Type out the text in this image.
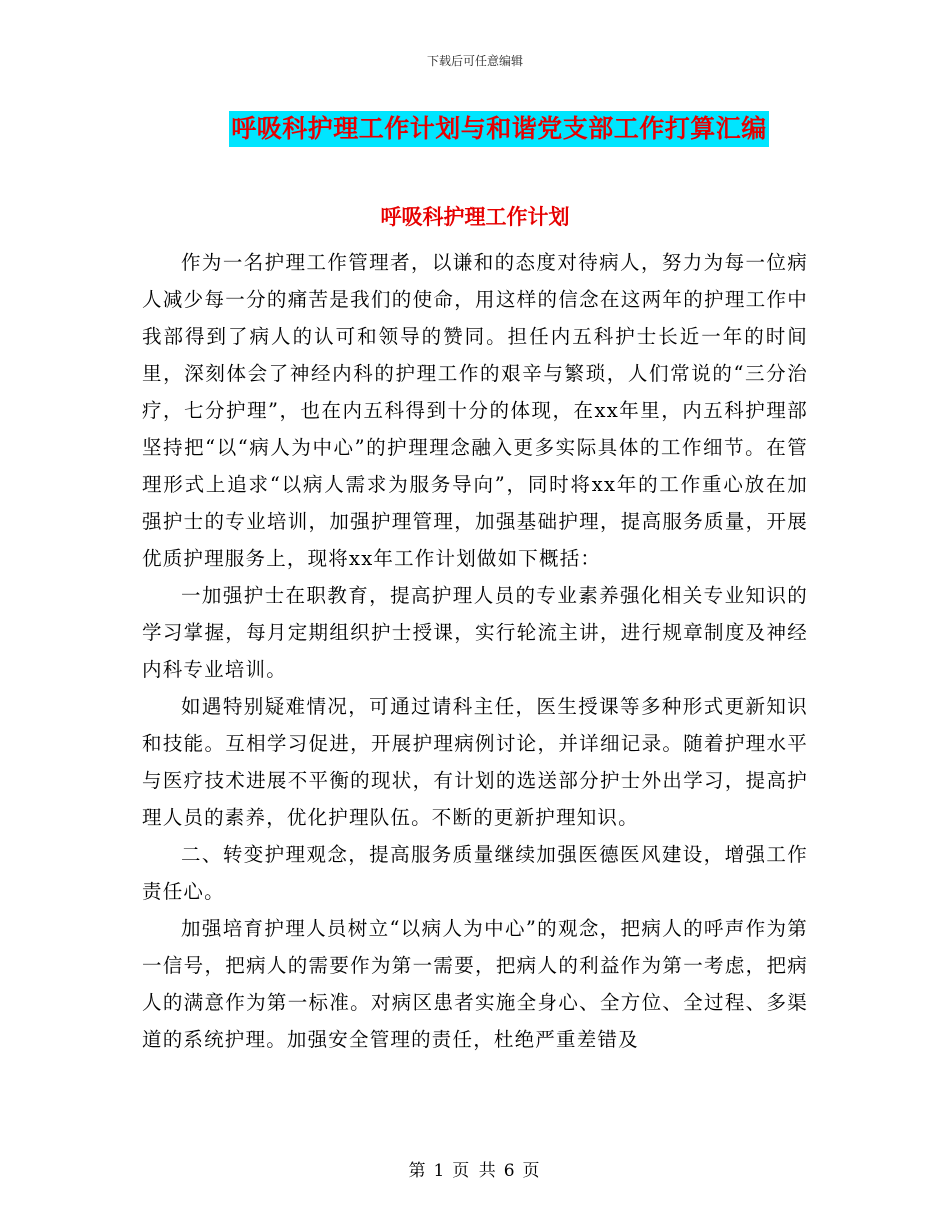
下载后可任意编辑
呼吸科护理工作计划与和谐党支部工作打算汇编
呼吸科护理工作计划

作为一名护理工作管理者，以谦和的态度对待病人，努力为每一位病人减少每一分的痛苦是我们的使命，用这样的信念在这两年的护理工作中我部得到了病人的认可和领导的赞同。担任内五科护士长近一年的时间里，深刻体会了神经内科的护理工作的艰辛与繁琐，人们常说的“三分治疗，七分护理”，也在内五科得到十分的体现，在xx年里，内五科护理部坚持把“以“病人为中心”的护理理念融入更多实际具体的工作细节。在管理形式上追求“以病人需求为服务导向”，同时将xx年的工作重心放在加强护士的专业培训，加强护理管理，加强基础护理，提高服务质量，开展优质护理服务上，现将xx年工作计划做如下概括：

一加强护士在职教育，提高护理人员的专业素养强化相关专业知识的学习掌握，每月定期组织护士授课，实行轮流主讲，进行规章制度及神经内科专业培训。

如遇特别疑难情况，可通过请科主任，医生授课等多种形式更新知识和技能。互相学习促进，开展护理病例讨论，并详细记录。随着护理水平与医疗技术进展不平衡的现状，有计划的选送部分护士外出学习，提高护理人员的素养，优化护理队伍。不断的更新护理知识。

二、转变护理观念，提高服务质量继续加强医德医风建设，增强工作责任心。

加强培育护理人员树立“以病人为中心”的观念，把病人的呼声作为第一信号，把病人的需要作为第一需要，把病人的利益作为第一考虑，把病人的满意作为第一标准。对病区患者实施全身心、全方位、全过程、多渠道的系统护理。加强安全管理的责任，杜绝严重差错及

第 1 页 共 6 页
